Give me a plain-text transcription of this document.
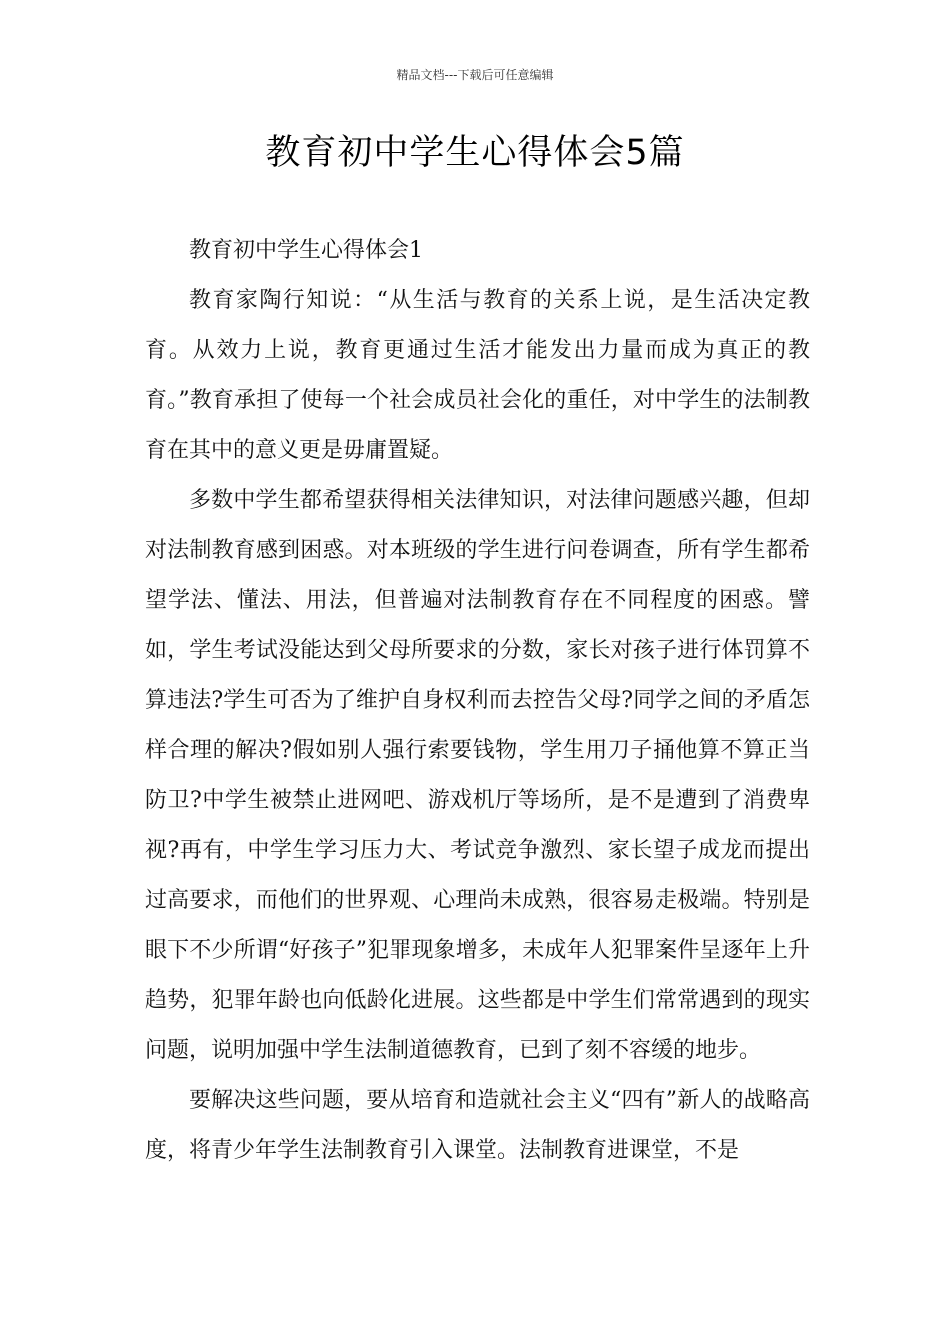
精品文档---下载后可任意编辑
教育初中学生心得体会5篇

教育初中学生心得体会1

教育家陶行知说：“从生活与教育的关系上说，是生活决定教育。从效力上说，教育更通过生活才能发出力量而成为真正的教育。”教育承担了使每一个社会成员社会化的重任，对中学生的法制教育在其中的意义更是毋庸置疑。

多数中学生都希望获得相关法律知识，对法律问题感兴趣，但却对法制教育感到困惑。对本班级的学生进行问卷调查，所有学生都希望学法、懂法、用法，但普遍对法制教育存在不同程度的困惑。譬如，学生考试没能达到父母所要求的分数，家长对孩子进行体罚算不算违法?学生可否为了维护自身权利而去控告父母?同学之间的矛盾怎样合理的解决?假如别人强行索要钱物，学生用刀子捅他算不算正当防卫?中学生被禁止进网吧、游戏机厅等场所，是不是遭到了消费卑视?再有，中学生学习压力大、考试竞争激烈、家长望子成龙而提出过高要求，而他们的世界观、心理尚未成熟，很容易走极端。特别是眼下不少所谓“好孩子”犯罪现象增多，未成年人犯罪案件呈逐年上升趋势，犯罪年龄也向低龄化进展。这些都是中学生们常常遇到的现实问题，说明加强中学生法制道德教育，已到了刻不容缓的地步。

要解决这些问题，要从培育和造就社会主义“四有”新人的战略高度，将青少年学生法制教育引入课堂。法制教育进课堂，不是
